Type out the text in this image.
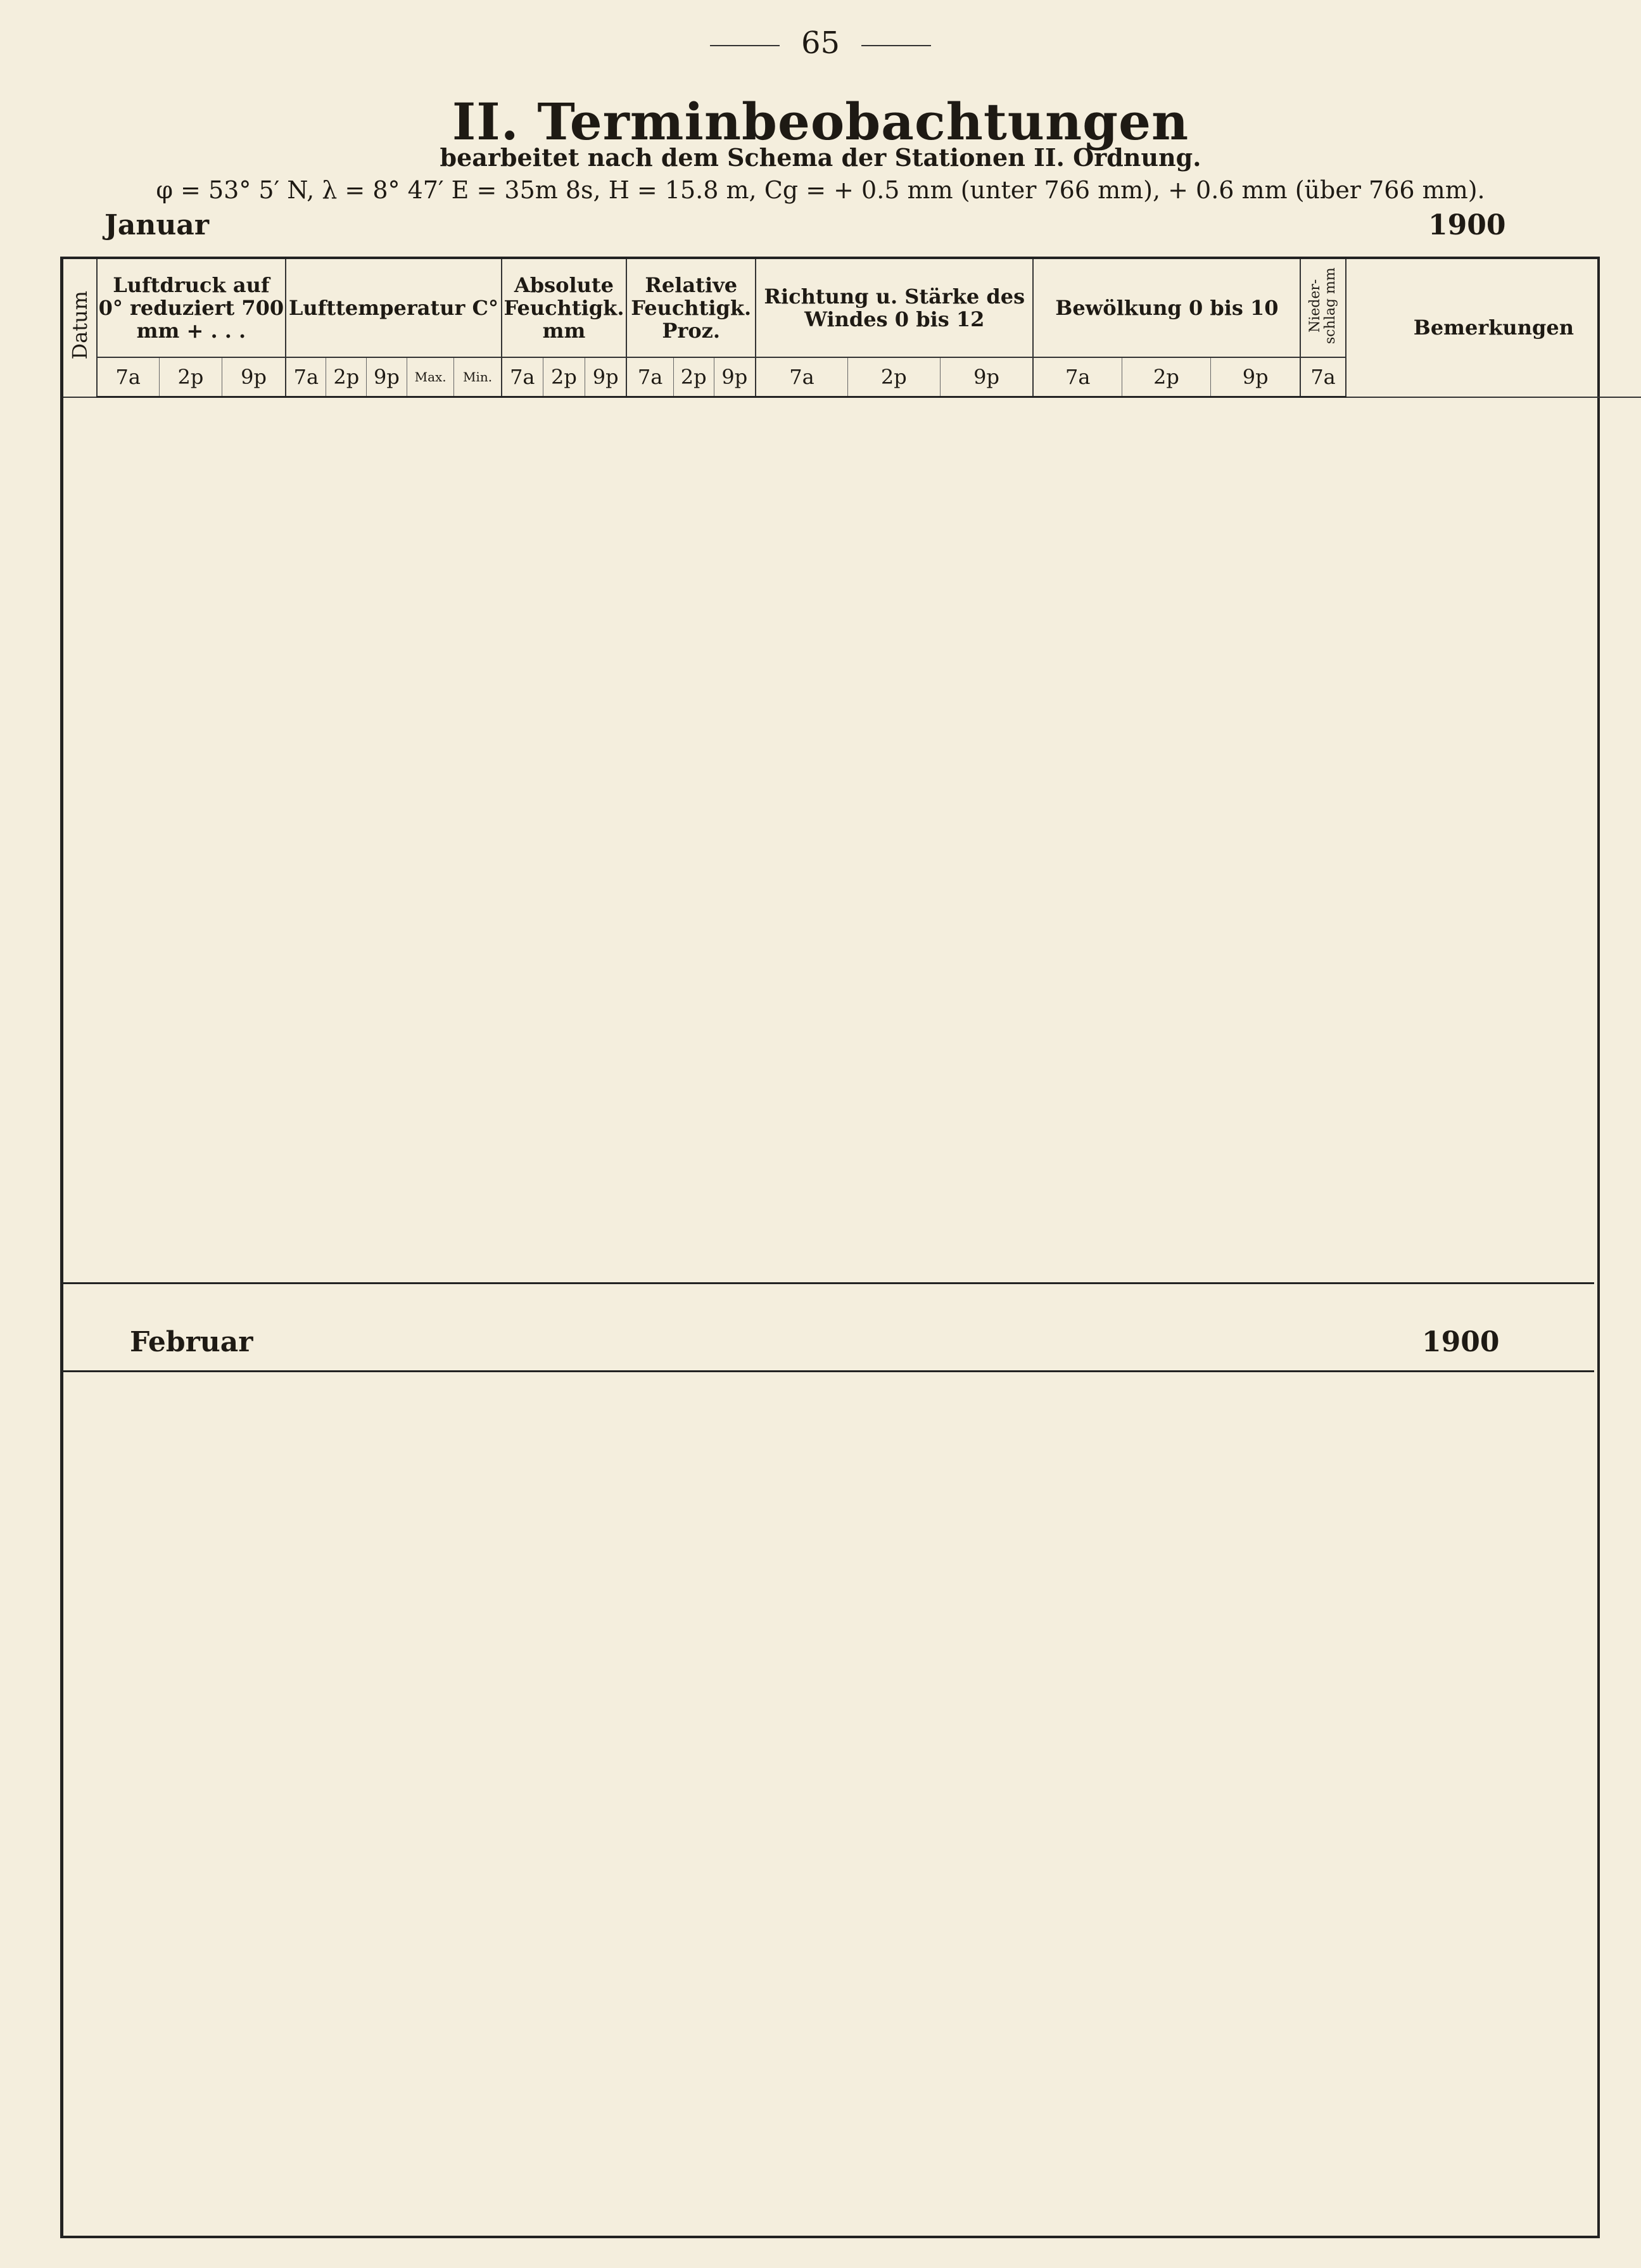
65
II. Terminbeobachtungen
bearbeitet nach dem Schema der Stationen II. Ordnung.
φ = 53° 5′ N, λ = 8° 47′ E = 35m 8s, H = 15.8 m, Cg = + 0.5 mm (unter 766 mm), + 0.6 mm (über 766 mm).
Januar	1900
Datum	Luftdruck auf 0° reduziert 700 mm + . . .			Lufttemperatur C°					Absolute Feuchtigk. mm			Relative Feuchtigk. Proz.			Richtung u. Stärke des Windes 0 bis 12			Bewölkung 0 bis 10			Nieder-schlag mm	Bemerkungen
	7a	2p	9p	7a	2p	9p	Max.	Min.	7a	2p	9p	7a	2p	9p	7a	2p	9p	7a	2p	9p	7a	
Februar	1900
